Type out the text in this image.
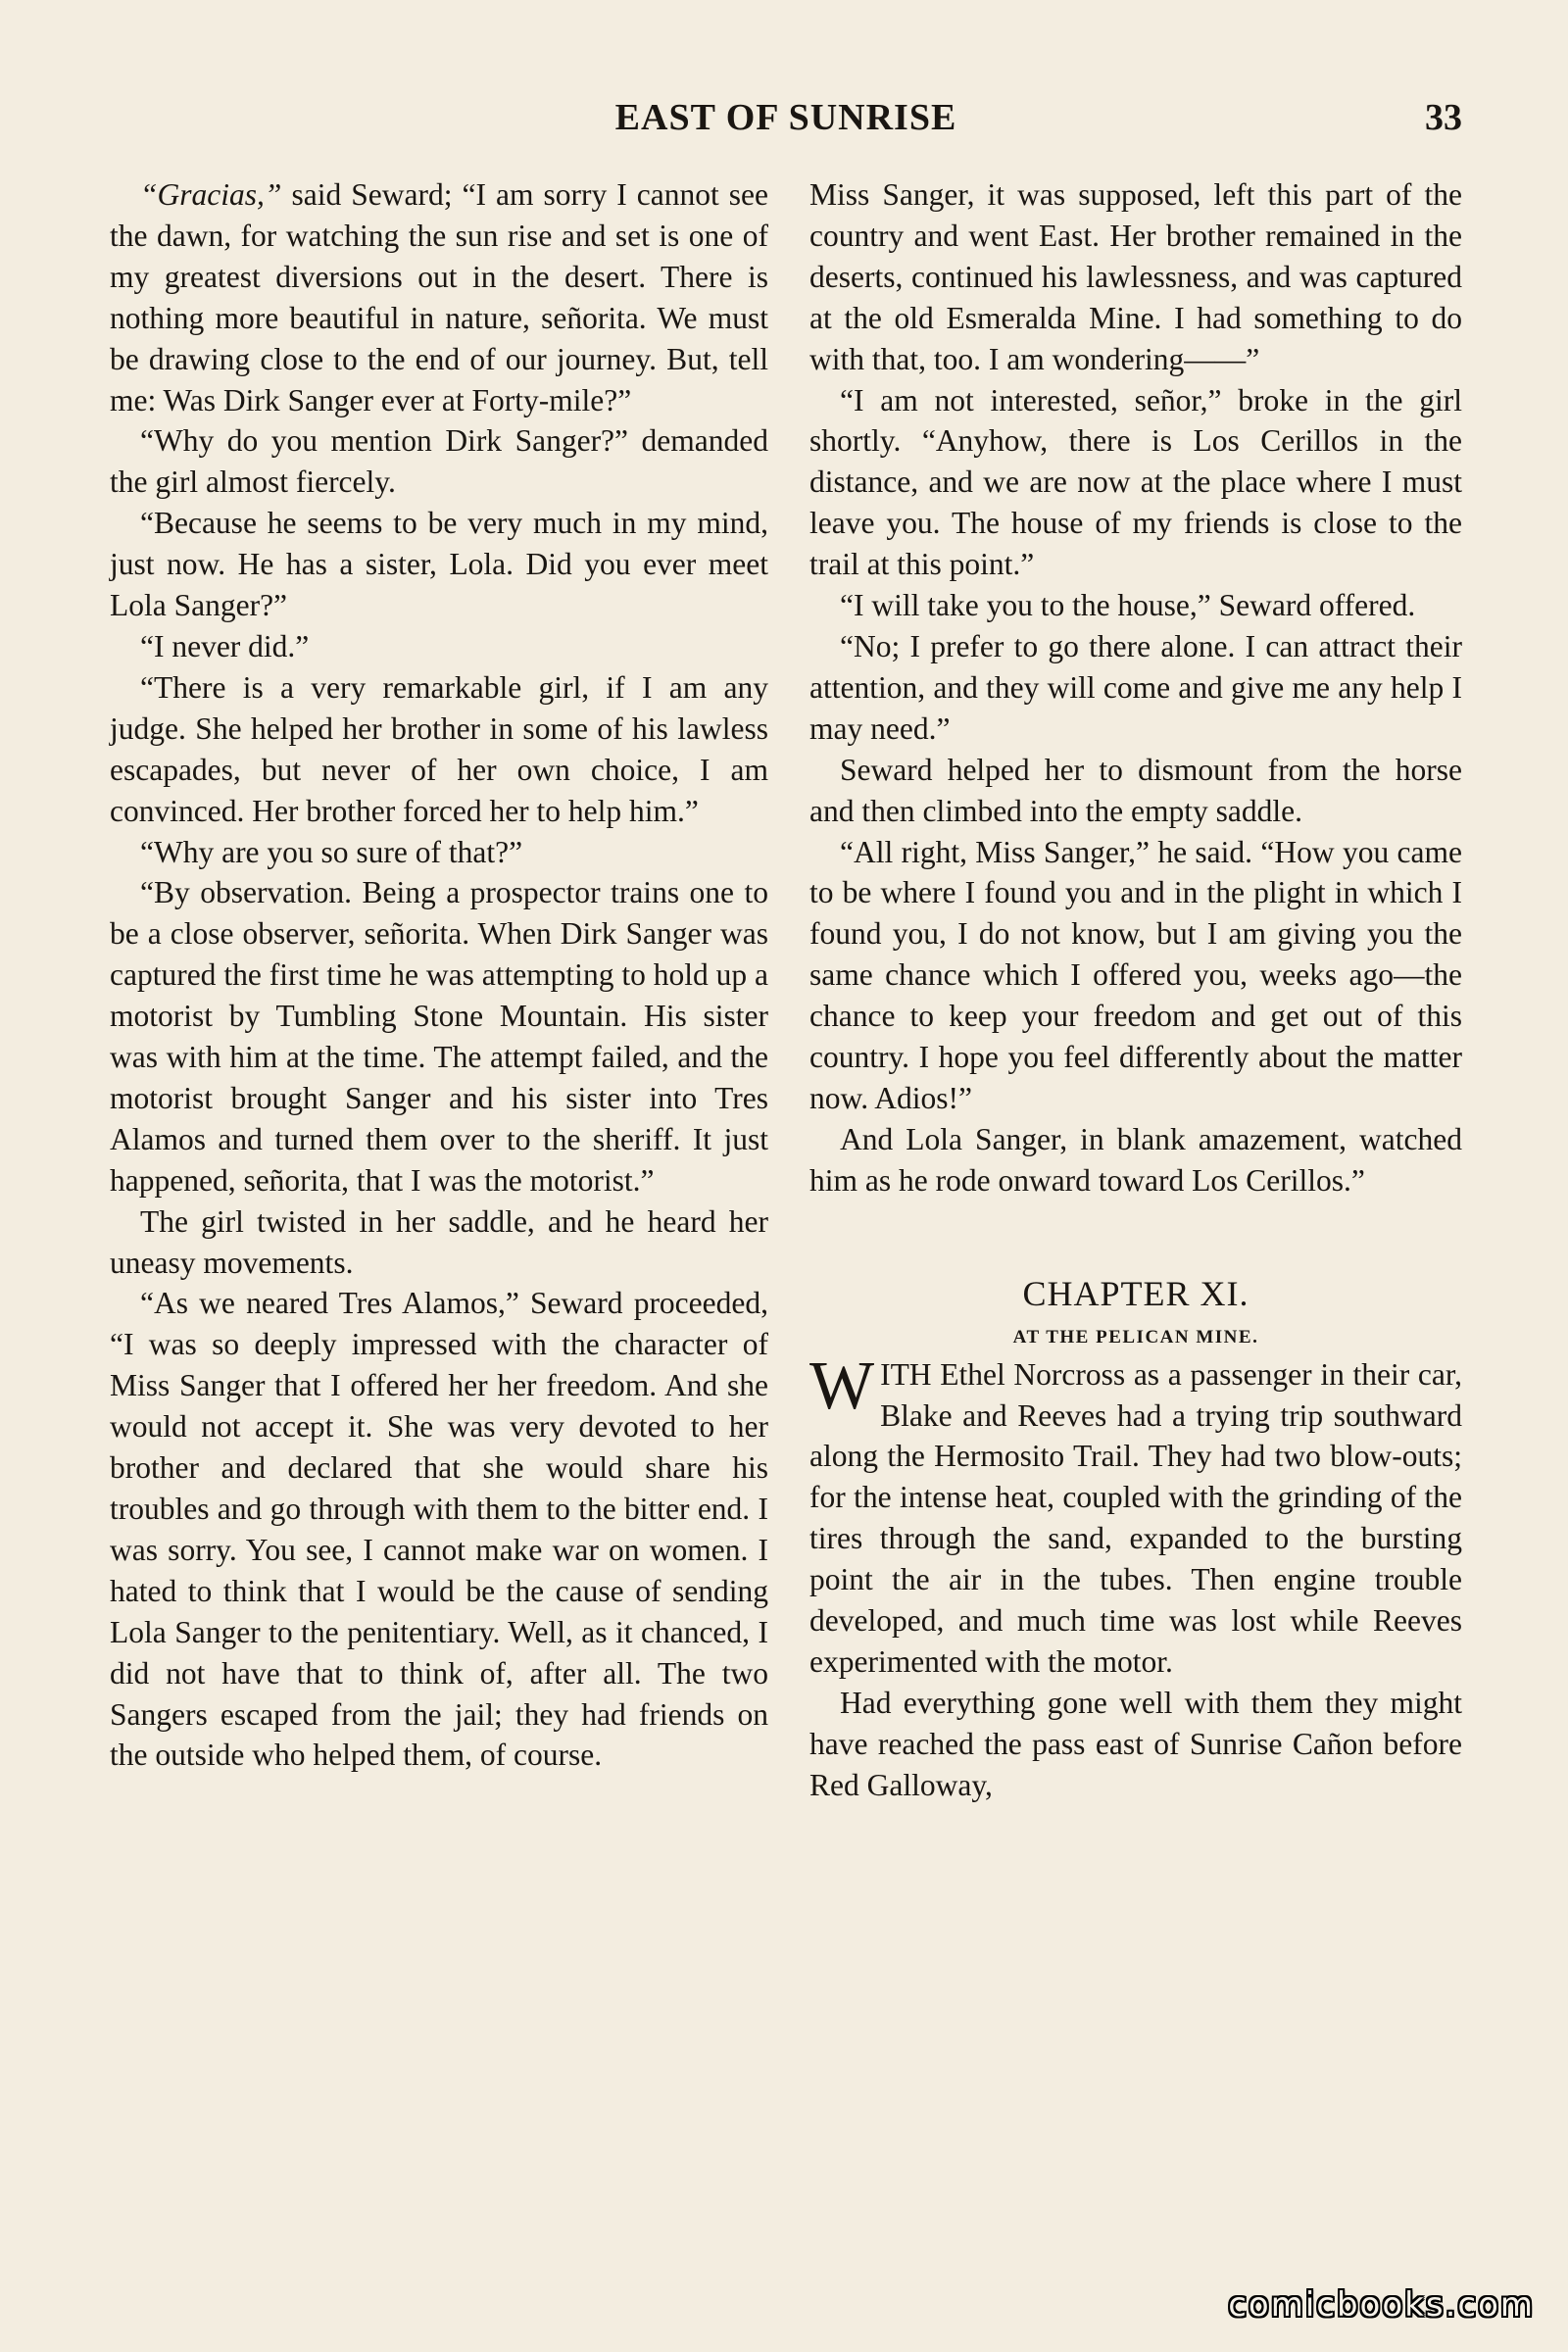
EAST OF SUNRISE	33

“Gracias,” said Seward; “I am sorry I cannot see the dawn, for watching the sun rise and set is one of my greatest diversions out in the desert. There is nothing more beautiful in nature, señorita. We must be drawing close to the end of our journey. But, tell me: Was Dirk Sanger ever at Forty-mile?”

“Why do you mention Dirk Sanger?” demanded the girl almost fiercely.

“Because he seems to be very much in my mind, just now. He has a sister, Lola. Did you ever meet Lola Sanger?”

“I never did.”

“There is a very remarkable girl, if I am any judge. She helped her brother in some of his lawless escapades, but never of her own choice, I am convinced. Her brother forced her to help him.”

“Why are you so sure of that?”

“By observation. Being a prospector trains one to be a close observer, señorita. When Dirk Sanger was captured the first time he was attempting to hold up a motorist by Tumbling Stone Mountain. His sister was with him at the time. The attempt failed, and the motorist brought Sanger and his sister into Tres Alamos and turned them over to the sheriff. It just happened, señorita, that I was the motorist.”

The girl twisted in her saddle, and he heard her uneasy movements.

“As we neared Tres Alamos,” Seward proceeded, “I was so deeply impressed with the character of Miss Sanger that I offered her her freedom. And she would not accept it. She was very devoted to her brother and declared that she would share his troubles and go through with them to the bitter end. I was sorry. You see, I cannot make war on women. I hated to think that I would be the cause of sending Lola Sanger to the penitentiary. Well, as it chanced, I did not have that to think of, after all. The two Sangers escaped from the jail; they had friends on the outside who helped them, of course.

Miss Sanger, it was supposed, left this part of the country and went East. Her brother remained in the deserts, continued his lawlessness, and was captured at the old Esmeralda Mine. I had something to do with that, too. I am wondering——”

“I am not interested, señor,” broke in the girl shortly. “Anyhow, there is Los Cerillos in the distance, and we are now at the place where I must leave you. The house of my friends is close to the trail at this point.”

“I will take you to the house,” Seward offered.

“No; I prefer to go there alone. I can attract their attention, and they will come and give me any help I may need.”

Seward helped her to dismount from the horse and then climbed into the empty saddle.

“All right, Miss Sanger,” he said. “How you came to be where I found you and in the plight in which I found you, I do not know, but I am giving you the same chance which I offered you, weeks ago—the chance to keep your freedom and get out of this country. I hope you feel differently about the matter now. Adios!”

And Lola Sanger, in blank amazement, watched him as he rode onward toward Los Cerillos.”

CHAPTER XI.
AT THE PELICAN MINE.

WITH Ethel Norcross as a passenger in their car, Blake and Reeves had a trying trip southward along the Hermosito Trail. They had two blow-outs; for the intense heat, coupled with the grinding of the tires through the sand, expanded to the bursting point the air in the tubes. Then engine trouble developed, and much time was lost while Reeves experimented with the motor.

Had everything gone well with them they might have reached the pass east of Sunrise Cañon before Red Galloway,

comicbooks.com
